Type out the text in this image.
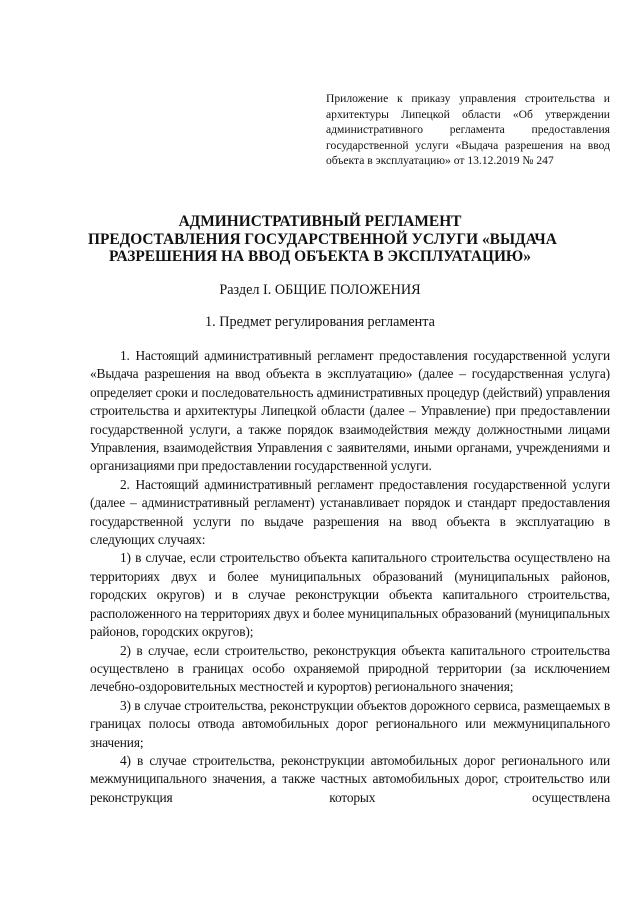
Приложение к приказу управления строительства и архитектуры Липецкой области «Об утверждении административного регламента предоставления государственной услуги «Выдача разрешения на ввод объекта в эксплуатацию» от 13.12.2019 № 247
АДМИНИСТРАТИВНЫЙ РЕГЛАМЕНТ
ПРЕДОСТАВЛЕНИЯ ГОСУДАРСТВЕННОЙ УСЛУГИ «ВЫДАЧА
РАЗРЕШЕНИЯ НА ВВОД ОБЪЕКТА В ЭКСПЛУАТАЦИЮ»
Раздел I. ОБЩИЕ ПОЛОЖЕНИЯ
1. Предмет регулирования регламента

1. Настоящий административный регламент предоставления государственной услуги «Выдача разрешения на ввод объекта в эксплуатацию» (далее – государственная услуга) определяет сроки и последовательность административных процедур (действий) управления строительства и архитектуры Липецкой области (далее – Управление) при предоставлении государственной услуги, а также порядок взаимодействия между должностными лицами Управления, взаимодействия Управления с заявителями, иными органами, учреждениями и организациями при предоставлении государственной услуги.

2. Настоящий административный регламент предоставления государственной услуги (далее – административный регламент) устанавливает порядок и стандарт предоставления государственной услуги по выдаче разрешения на ввод объекта в эксплуатацию в следующих случаях:

1) в случае, если строительство объекта капитального строительства осуществлено на территориях двух и более муниципальных образований (муниципальных районов, городских округов) и в случае реконструкции объекта капитального строительства, расположенного на территориях двух и более муниципальных образований (муниципальных районов, городских округов);

2) в случае, если строительство, реконструкция объекта капитального строительства осуществлено в границах особо охраняемой природной территории (за исключением лечебно-оздоровительных местностей и курортов) регионального значения;

3) в случае строительства, реконструкции объектов дорожного сервиса, размещаемых в границах полосы отвода автомобильных дорог регионального или межмуниципального значения;

4) в случае строительства, реконструкции автомобильных дорог регионального или межмуниципального значения, а также частных автомобильных дорог, строительство или реконструкция которых осуществлена
